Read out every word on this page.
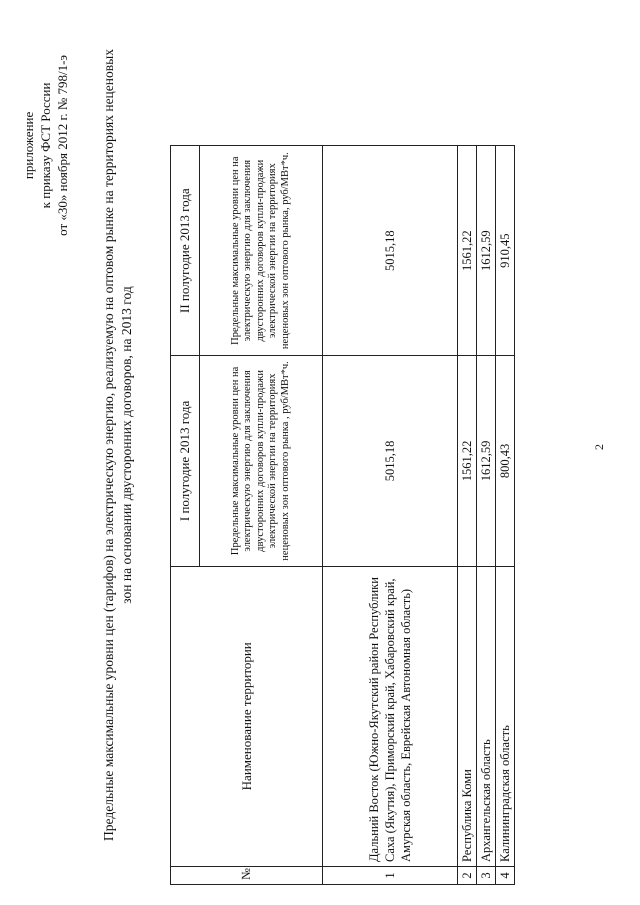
приложение к приказу ФСТ России от «30» ноября 2012 г. № 798/1-э Предельные максимальные уровни цен (тарифов) на электрическую энергию, реализуемую на оптовом рынке на территориях неценовых зон на основании двусторонних договоров, на 2013 год
№	Наименование территории	I полугодие 2013 года	II полугодие 2013 года
		Предельные максимальные уровни цен на электрическую энергию для заключения двусторонних договоров купли-продажи электрической энергии на территориях неценовых зон оптового рынка , руб/МВт*ч.	Предельные максимальные уровни цен на электрическую энергию для заключения двусторонних договоров купли-продажи электрической энергии на территориях неценовых зон оптового рынка, руб/МВт*ч.
1	Дальний Восток (Южно-Якутский район Республики Саха (Якутия), Приморский край, Хабаровский край, Амурская область, Еврейская Автономная область)	5015,18	5015,18
2	Республика Коми	1561,22	1561,22
3	Архангельская область	1612,59	1612,59
4	Калининградская область	800,43	910,45
2
